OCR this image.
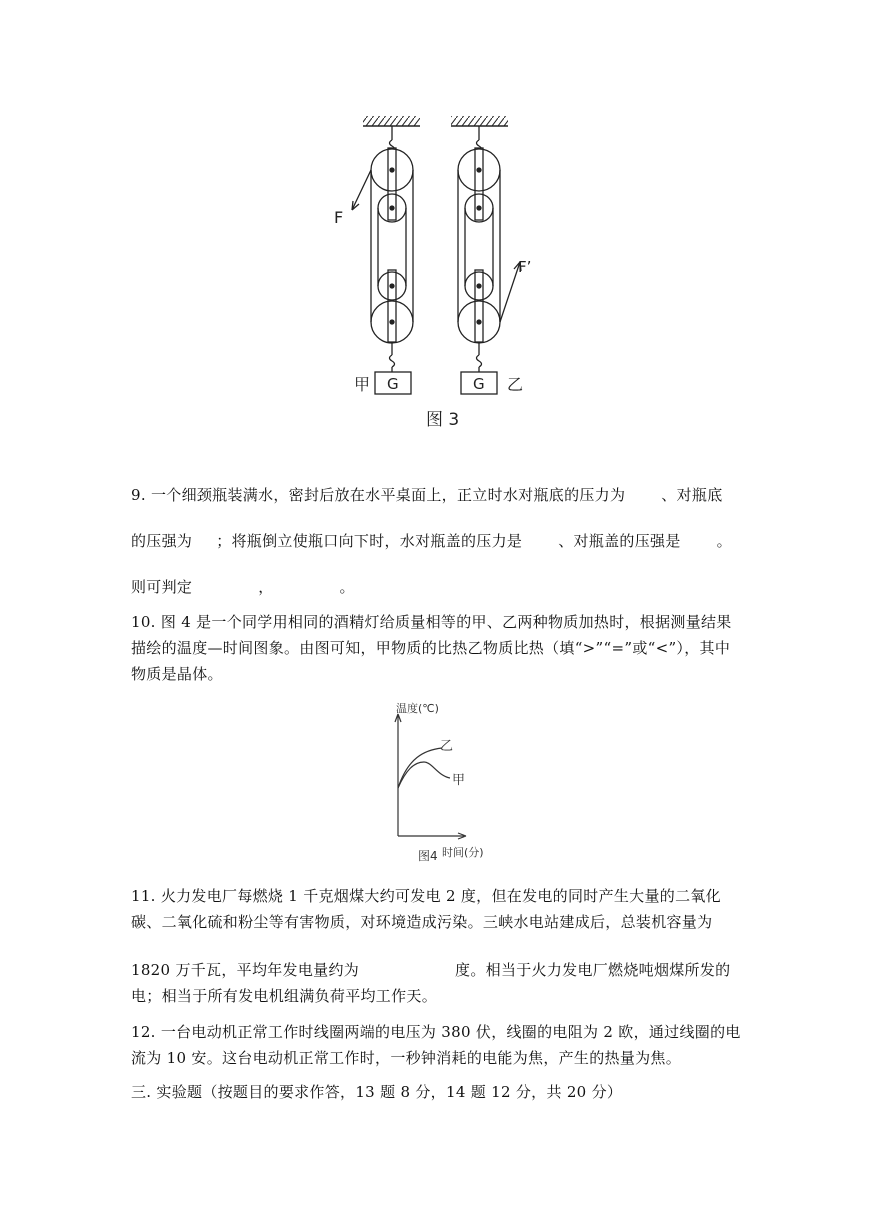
G
F
甲	G
F’
乙
图 3
9. 一个细颈瓶装满水，密封后放在水平桌面上，正立时水对瓶底的压力为 、对瓶底
的压强为 ；将瓶倒立使瓶口向下时，水对瓶盖的压力是 、对瓶盖的压强是 。
则可判定	，	。
10. 图 4 是一个同学用相同的酒精灯给质量相等的甲、乙两种物质加热时，根据测量结果描绘的温度—时间图象。由图可知，甲物质的比热乙物质比热（填“>”“=”或“<”），其中物质是晶体。
温度(℃)
乙
甲
图4 时间(分)
11. 火力发电厂每燃烧 1 千克烟煤大约可发电 2 度，但在发电的同时产生大量的二氧化
碳、二氧化硫和粉尘等有害物质，对环境造成污染。三峡水电站建成后，总装机容量为
1820 万千瓦，平均年发电量约为	度。相当于火力发电厂燃烧吨烟煤所发的
电；相当于所有发电机组满负荷平均工作天。
12. 一台电动机正常工作时线圈两端的电压为 380 伏，线圈的电阻为 2 欧，通过线圈的电流为 10 安。这台电动机正常工作时，一秒钟消耗的电能为焦，产生的热量为焦。
三. 实验题（按题目的要求作答，13 题 8 分，14 题 12 分，共 20 分）
